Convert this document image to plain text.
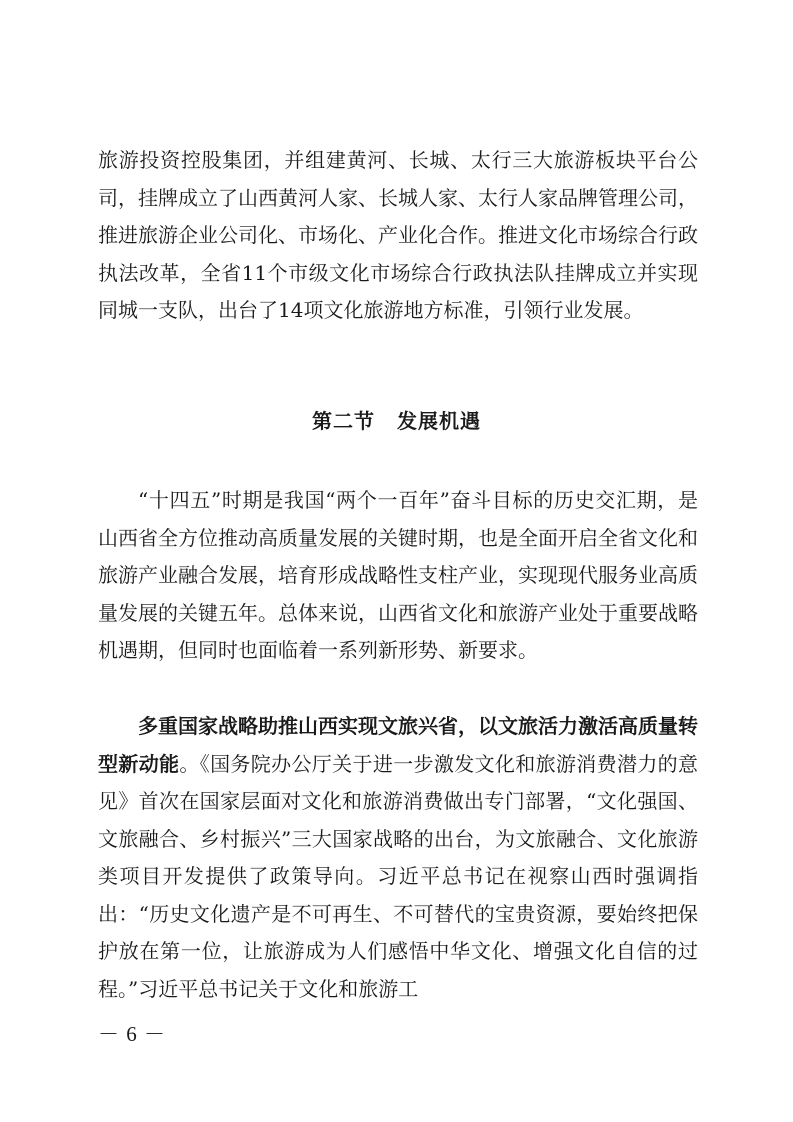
旅游投资控股集团，并组建黄河、长城、太行三大旅游板块平台公司，挂牌成立了山西黄河人家、长城人家、太行人家品牌管理公司，推进旅游企业公司化、市场化、产业化合作。推进文化市场综合行政执法改革，全省11个市级文化市场综合行政执法队挂牌成立并实现同城一支队，出台了14项文化旅游地方标准，引领行业发展。

第二节 发展机遇

“十四五”时期是我国“两个一百年”奋斗目标的历史交汇期，是山西省全方位推动高质量发展的关键时期，也是全面开启全省文化和旅游产业融合发展，培育形成战略性支柱产业，实现现代服务业高质量发展的关键五年。总体来说，山西省文化和旅游产业处于重要战略机遇期，但同时也面临着一系列新形势、新要求。

多重国家战略助推山西实现文旅兴省，以文旅活力激活高质量转型新动能。《国务院办公厅关于进一步激发文化和旅游消费潜力的意见》首次在国家层面对文化和旅游消费做出专门部署，“文化强国、文旅融合、乡村振兴”三大国家战略的出台，为文旅融合、文化旅游类项目开发提供了政策导向。习近平总书记在视察山西时强调指出：“历史文化遗产是不可再生、不可替代的宝贵资源，要始终把保护放在第一位，让旅游成为人们感悟中华文化、增强文化自信的过程。”习近平总书记关于文化和旅游工

－ 6 －
